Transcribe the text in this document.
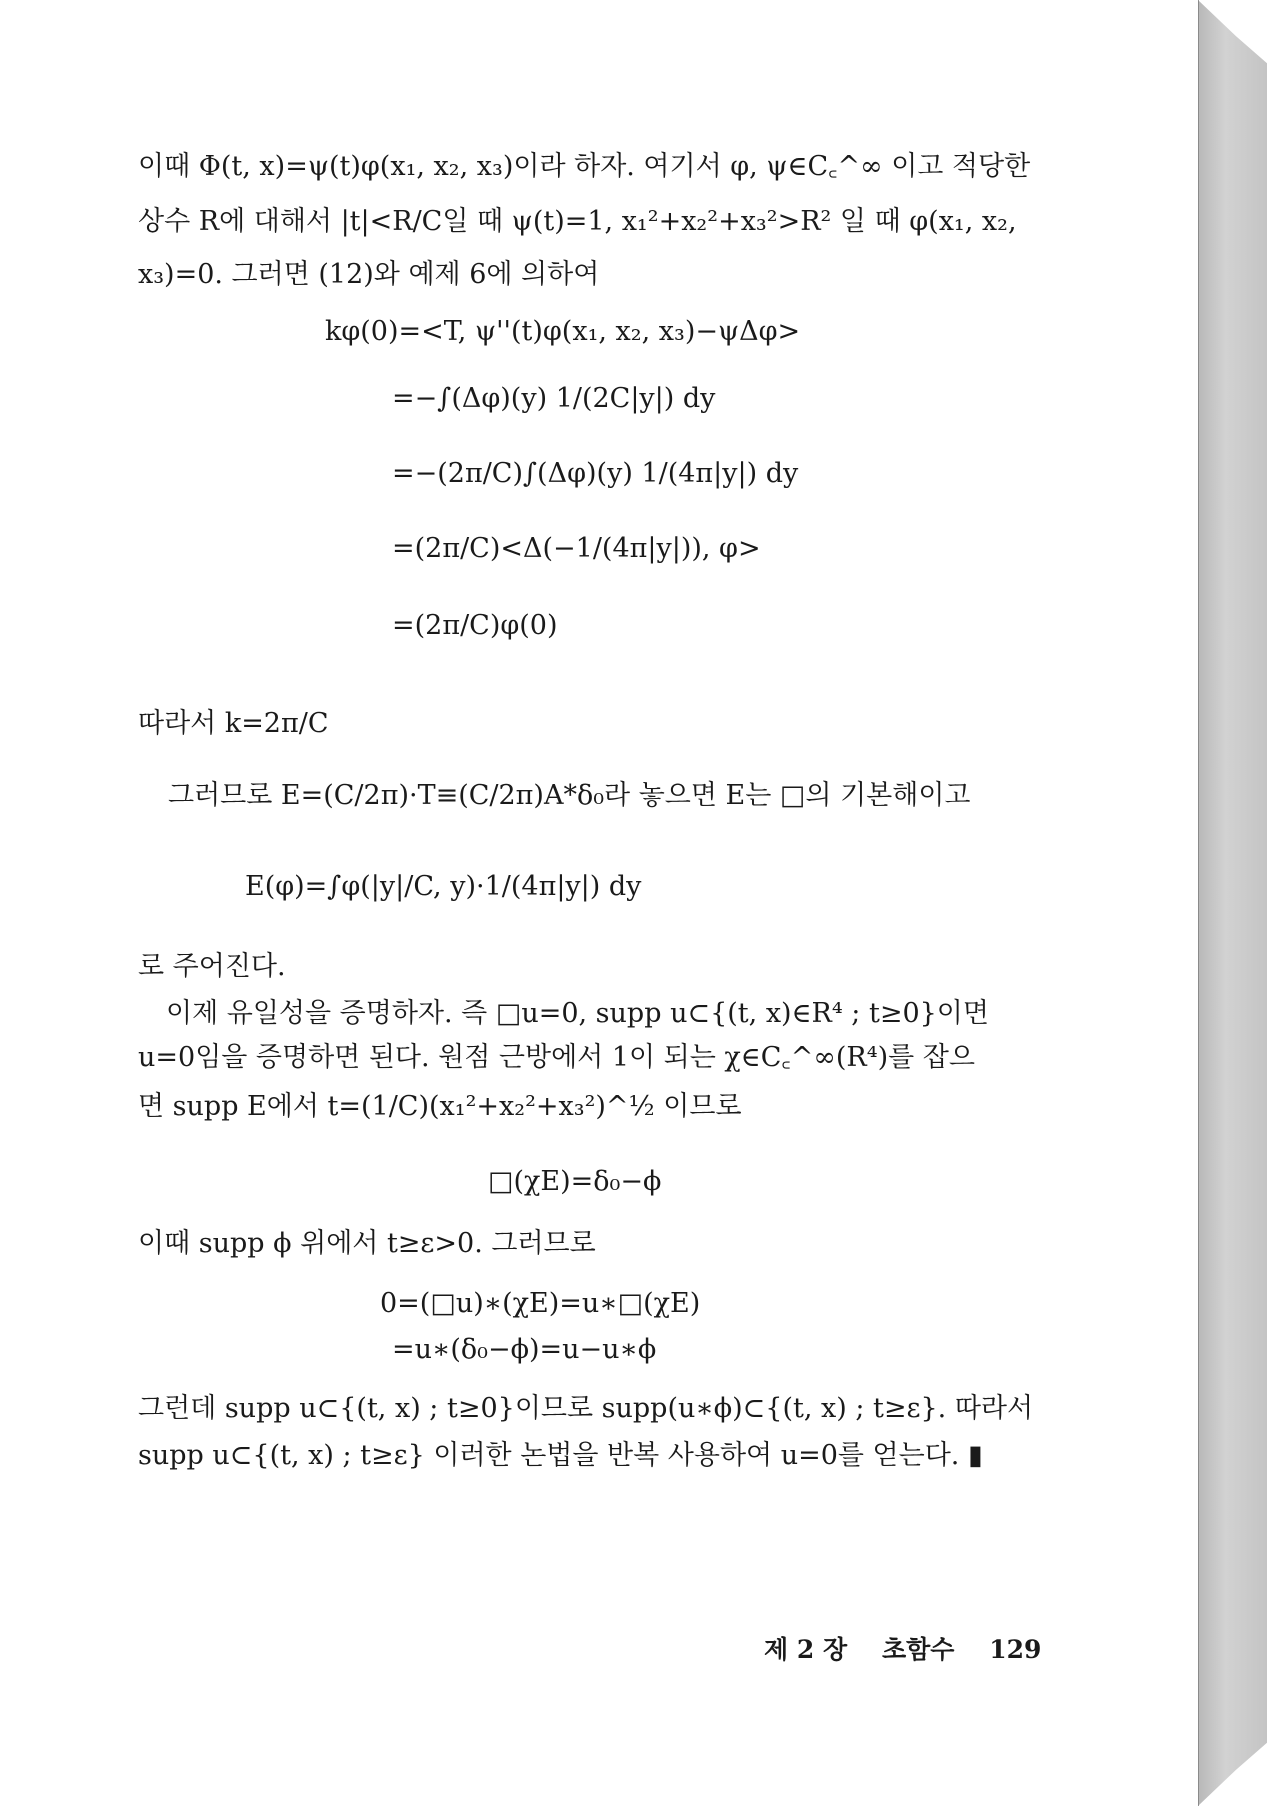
이때 Φ(t, x)=ψ(t)φ(x₁, x₂, x₃)이라 하자. 여기서 φ, ψ∈C꜀^∞ 이고 적당한
상수 R에 대해서 |t|<R/C일 때 ψ(t)=1, x₁²+x₂²+x₃²>R² 일 때 φ(x₁, x₂,
x₃)=0. 그러면 (12)와 예제 6에 의하여
kφ(0)=<T, ψ''(t)φ(x₁, x₂, x₃)−ψΔφ>
=−∫(Δφ)(y) 1/(2C|y|) dy
=−(2π/C)∫(Δφ)(y) 1/(4π|y|) dy
=(2π/C)<Δ(−1/(4π|y|)), φ>
=(2π/C)φ(0)
따라서 k=2π/C
그러므로 E=(C/2π)·T≡(C/2π)A*δ₀라 놓으면 E는 □의 기본해이고
E(φ)=∫φ(|y|/C, y)·1/(4π|y|) dy
로 주어진다.
이제 유일성을 증명하자. 즉 □u=0, supp u⊂{(t, x)∈R⁴ ; t≥0}이면
u=0임을 증명하면 된다. 원점 근방에서 1이 되는 χ∈C꜀^∞(R⁴)를 잡으
면 supp E에서 t=(1/C)(x₁²+x₂²+x₃²)^½ 이므로
□(χE)=δ₀−ϕ
이때 supp ϕ 위에서 t≥ε>0. 그러므로
0=(□u)∗(χE)=u∗□(χE)
=u∗(δ₀−ϕ)=u−u∗ϕ
그런데 supp u⊂{(t, x) ; t≥0}이므로 supp(u∗ϕ)⊂{(t, x) ; t≥ε}. 따라서
supp u⊂{(t, x) ; t≥ε} 이러한 논법을 반복 사용하여 u=0를 얻는다. ▮
제 2 장 초함수 129
